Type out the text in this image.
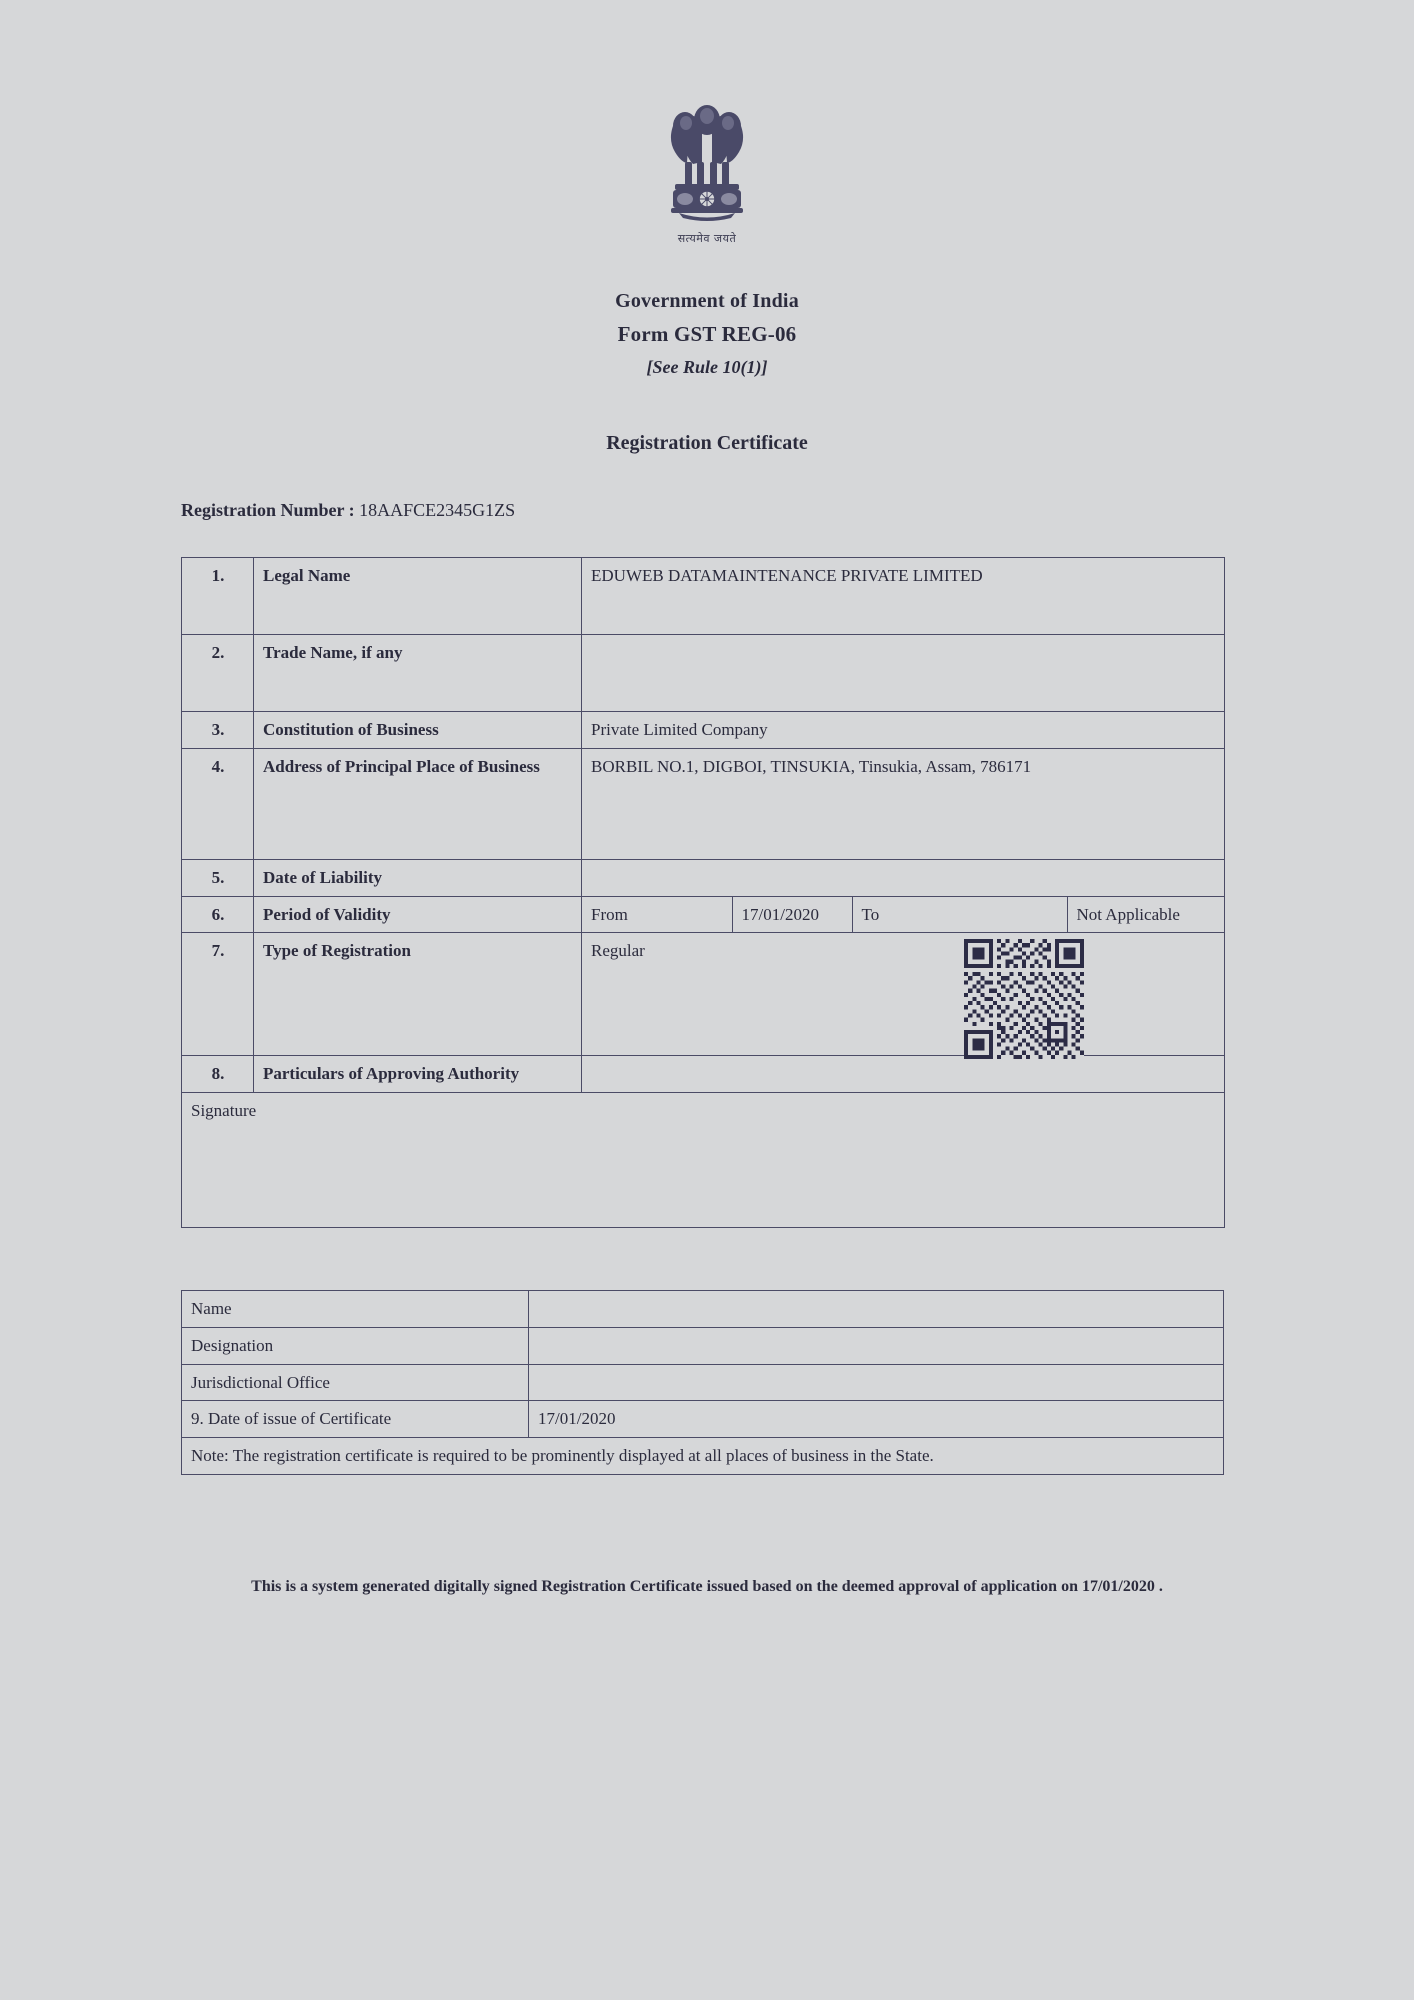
सत्यमेव जयते
Government of India
Form GST REG-06
[See Rule 10(1)]
Registration Certificate
Registration Number : 18AAFCE2345G1ZS
1.	Legal Name	EDUWEB DATAMAINTENANCE PRIVATE LIMITED
2.	Trade Name, if any	
3.	Constitution of Business	Private Limited Company
4.	Address of Principal Place of Business	BORBIL NO.1, DIGBOI, TINSUKIA, Tinsukia, Assam, 786171
5.	Date of Liability	
6.	Period of Validity		From	17/01/2020	To	Not Applicable

7.	Type of Registration	Regular

8.	Particulars of Approving Authority	
Signature
Name	
Designation	
Jurisdictional Office	
9. Date of issue of Certificate	17/01/2020
Note: The registration certificate is required to be prominently displayed at all places of business in the State.	
This is a system generated digitally signed Registration Certificate issued based on the deemed approval of application on 17/01/2020 .
